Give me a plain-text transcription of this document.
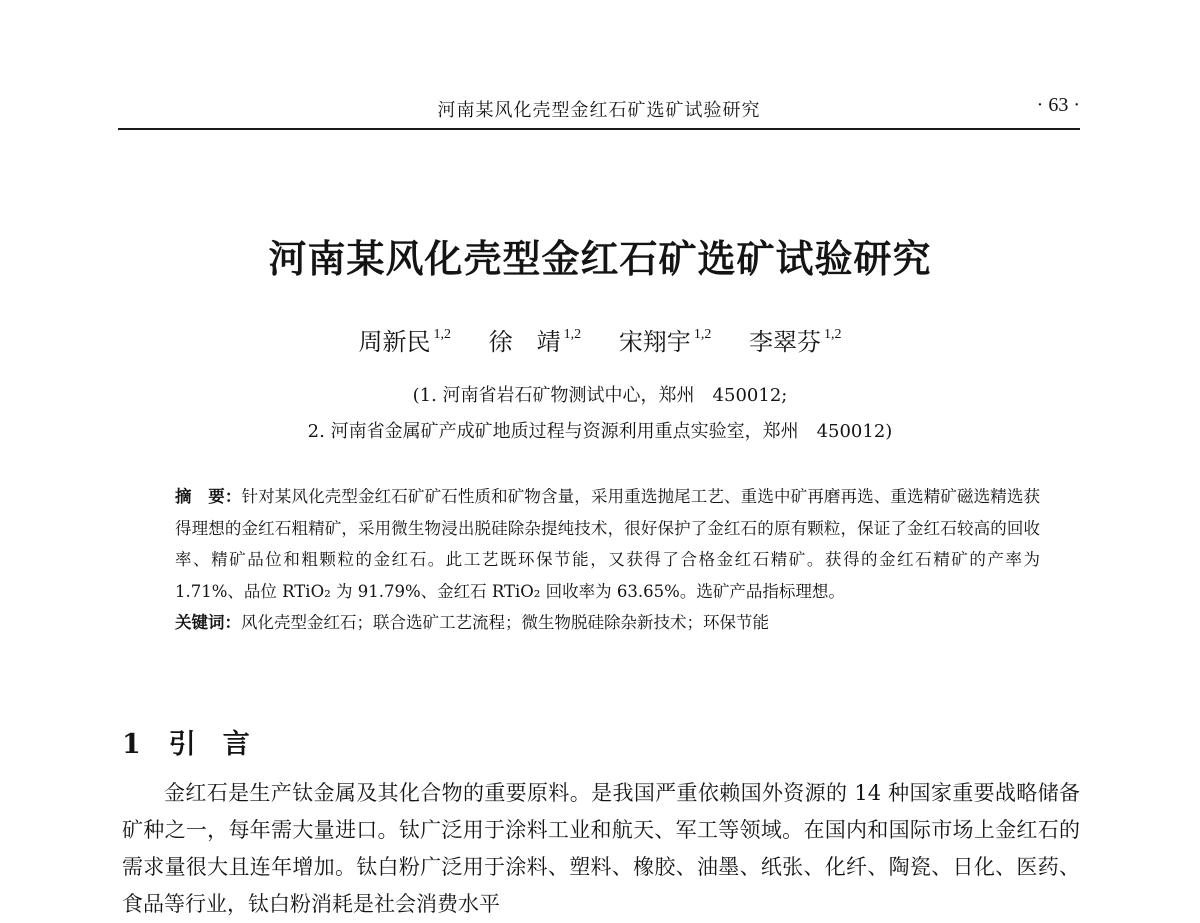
河南某风化壳型金红石矿选矿试验研究	· 63 ·
河南某风化壳型金红石矿选矿试验研究
周新民 $^{1,2}$ 徐　靖 $^{1,2}$ 宋翔宇 $^{1,2}$ 李翠芬 $^{1,2}$
(1. 河南省岩石矿物测试中心，郑州　450012;
2. 河南省金属矿产成矿地质过程与资源利用重点实验室，郑州　450012)

摘　要：针对某风化壳型金红石矿矿石性质和矿物含量，采用重选抛尾工艺、重选中矿再磨再选、重选精矿磁选精选获得理想的金红石粗精矿，采用微生物浸出脱硅除杂提纯技术，很好保护了金红石的原有颗粒，保证了金红石较高的回收率、精矿品位和粗颗粒的金红石。此工艺既环保节能，又获得了合格金红石精矿。获得的金红石精矿的产率为 1.71%、品位 RTiO₂ 为 91.79%、金红石 RTiO₂ 回收率为 63.65%。选矿产品指标理想。

关键词：风化壳型金红石；联合选矿工艺流程；微生物脱硅除杂新技术；环保节能

1 引　言

金红石是生产钛金属及其化合物的重要原料。是我国严重依赖国外资源的 14 种国家重要战略储备矿种之一，每年需大量进口。钛广泛用于涂料工业和航天、军工等领域。在国内和国际市场上金红石的需求量很大且连年增加。钛白粉广泛用于涂料、塑料、橡胶、油墨、纸张、化纤、陶瓷、日化、医药、食品等行业，钛白粉消耗是社会消费水平
